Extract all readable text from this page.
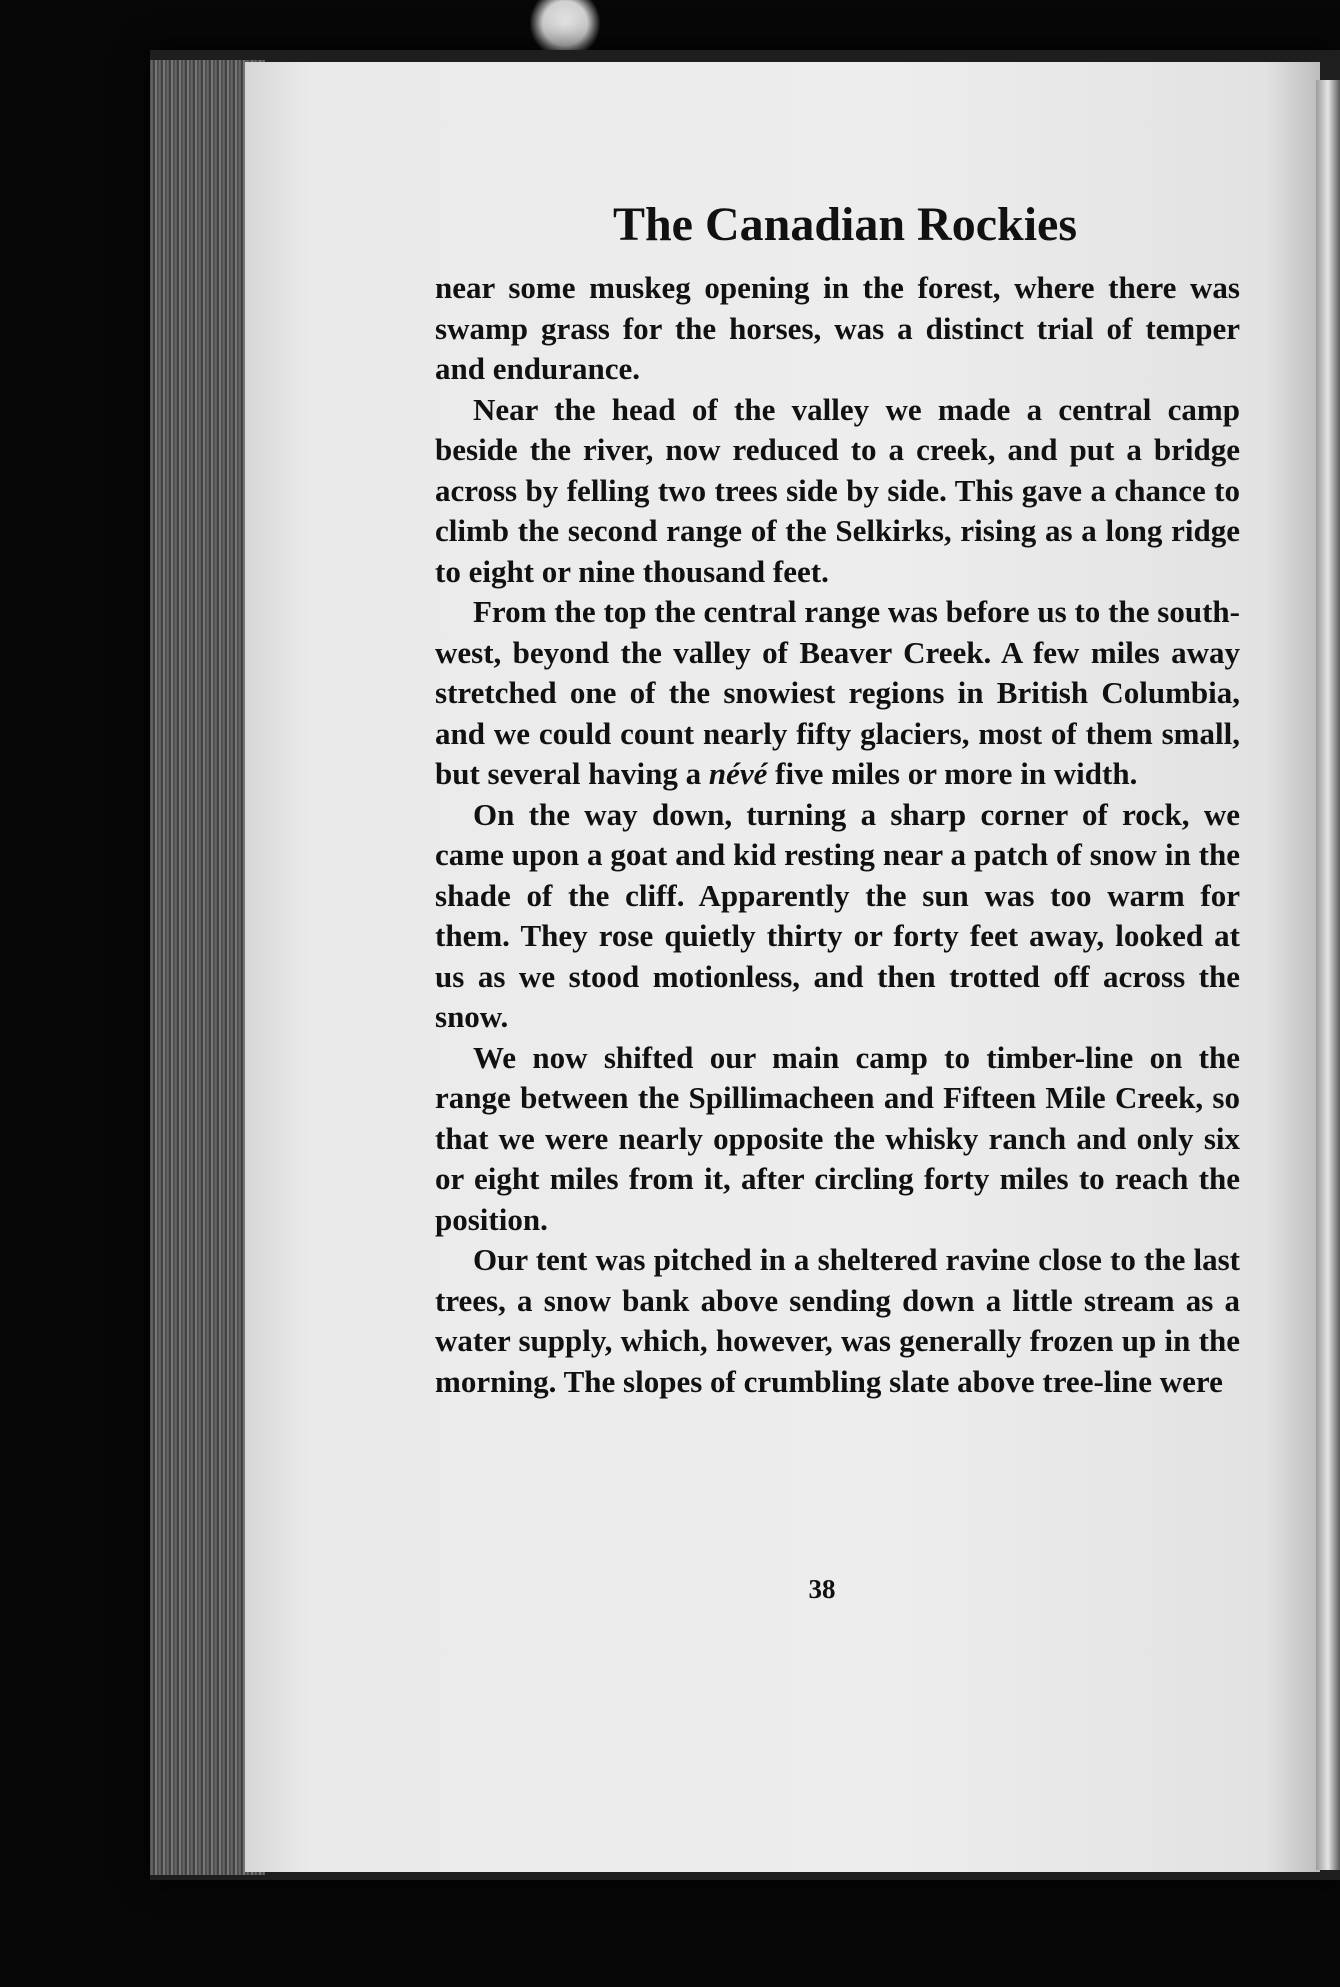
The Canadian Rockies

near some muskeg opening in the forest, where there was swamp grass for the horses, was a distinct trial of temper and endurance.

Near the head of the valley we made a central camp beside the river, now reduced to a creek, and put a bridge across by felling two trees side by side. This gave a chance to climb the second range of the Selkirks, rising as a long ridge to eight or nine thousand feet.

From the top the central range was before us to the south-west, beyond the valley of Beaver Creek. A few miles away stretched one of the snowiest regions in British Columbia, and we could count nearly fifty glaciers, most of them small, but several having a névé five miles or more in width.

On the way down, turning a sharp corner of rock, we came upon a goat and kid resting near a patch of snow in the shade of the cliff. Apparently the sun was too warm for them. They rose quietly thirty or forty feet away, looked at us as we stood motionless, and then trotted off across the snow.

We now shifted our main camp to timber-line on the range between the Spillimacheen and Fifteen Mile Creek, so that we were nearly opposite the whisky ranch and only six or eight miles from it, after circling forty miles to reach the position.

Our tent was pitched in a sheltered ravine close to the last trees, a snow bank above sending down a little stream as a water supply, which, however, was generally frozen up in the morning. The slopes of crumbling slate above tree-line were

38
